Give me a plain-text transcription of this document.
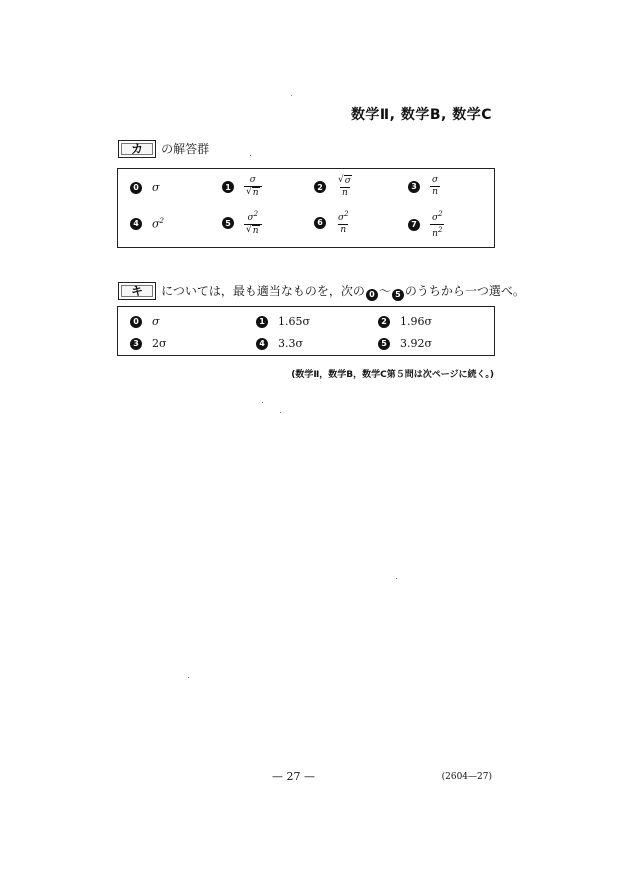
数学Ⅱ, 数学B, 数学C
カ の解答群
0 σ	1	$\frac{\sigma}{√ n}$	2	$\frac{√ \sigma}{n}$	3	$\frac{\sigma}{n}$
4 $\sigma^2$	5	$\frac{\sigma^2}{√ n}$	6	$\frac{\sigma^2}{n}$	7	$\frac{\sigma^2}{n^2}$
キ については，最も適当なものを，次の 0 ～ 5 のうちから一つ選べ。
0 σ	1 1.65σ	2 1.96σ
3 2σ	4 3.3σ	5 3.92σ
(数学Ⅱ，数学B，数学C第５問は次ページに続く。)
— 27 —	(2604—27)
